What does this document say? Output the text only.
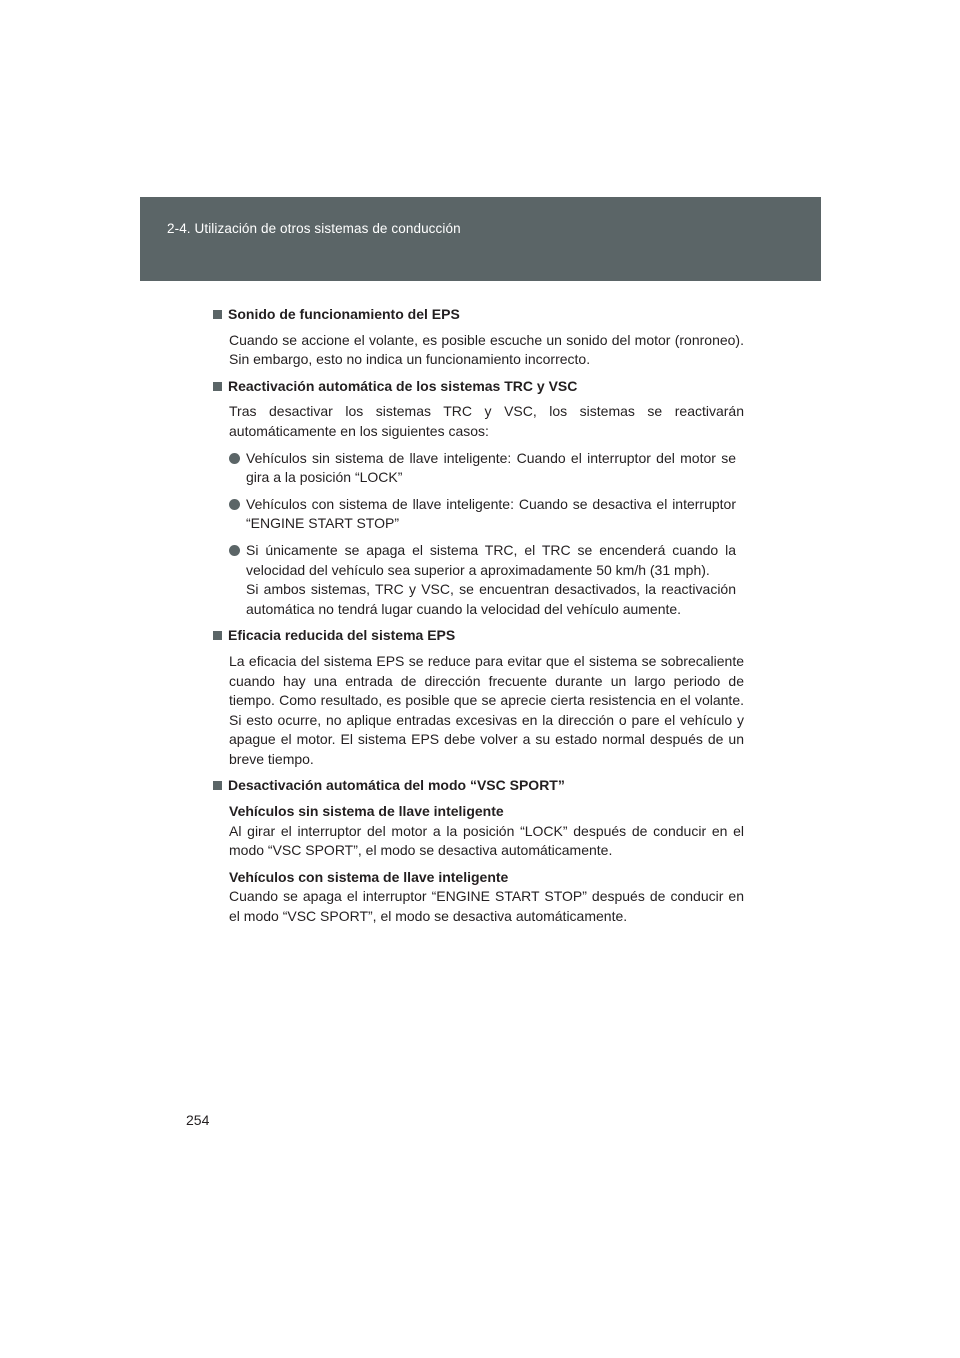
2-4. Utilización de otros sistemas de conducción
Sonido de funcionamiento del EPS

Cuando se accione el volante, es posible escuche un sonido del motor (ronroneo). Sin embargo, esto no indica un funcionamiento incorrecto.

Reactivación automática de los sistemas TRC y VSC

Tras desactivar los sistemas TRC y VSC, los sistemas se reactivarán automáticamente en los siguientes casos:

Vehículos sin sistema de llave inteligente: Cuando el interruptor del motor se gira a la posición “LOCK”
Vehículos con sistema de llave inteligente: Cuando se desactiva el interruptor “ENGINE START STOP”
Si únicamente se apaga el sistema TRC, el TRC se encenderá cuando la velocidad del vehículo sea superior a aproximadamente 50 km/h (31 mph).
Si ambos sistemas, TRC y VSC, se encuentran desactivados, la reactivación automática no tendrá lugar cuando la velocidad del vehículo aumente.
Eficacia reducida del sistema EPS

La eficacia del sistema EPS se reduce para evitar que el sistema se sobrecaliente cuando hay una entrada de dirección frecuente durante un largo periodo de tiempo. Como resultado, es posible que se aprecie cierta resistencia en el volante. Si esto ocurre, no aplique entradas excesivas en la dirección o pare el vehículo y apague el motor. El sistema EPS debe volver a su estado normal después de un breve tiempo.

Desactivación automática del modo “VSC SPORT”

Vehículos sin sistema de llave inteligente
Al girar el interruptor del motor a la posición “LOCK” después de conducir en el modo “VSC SPORT”, el modo se desactiva automáticamente.

Vehículos con sistema de llave inteligente
Cuando se apaga el interruptor “ENGINE START STOP” después de conducir en el modo “VSC SPORT”, el modo se desactiva automáticamente.

254
